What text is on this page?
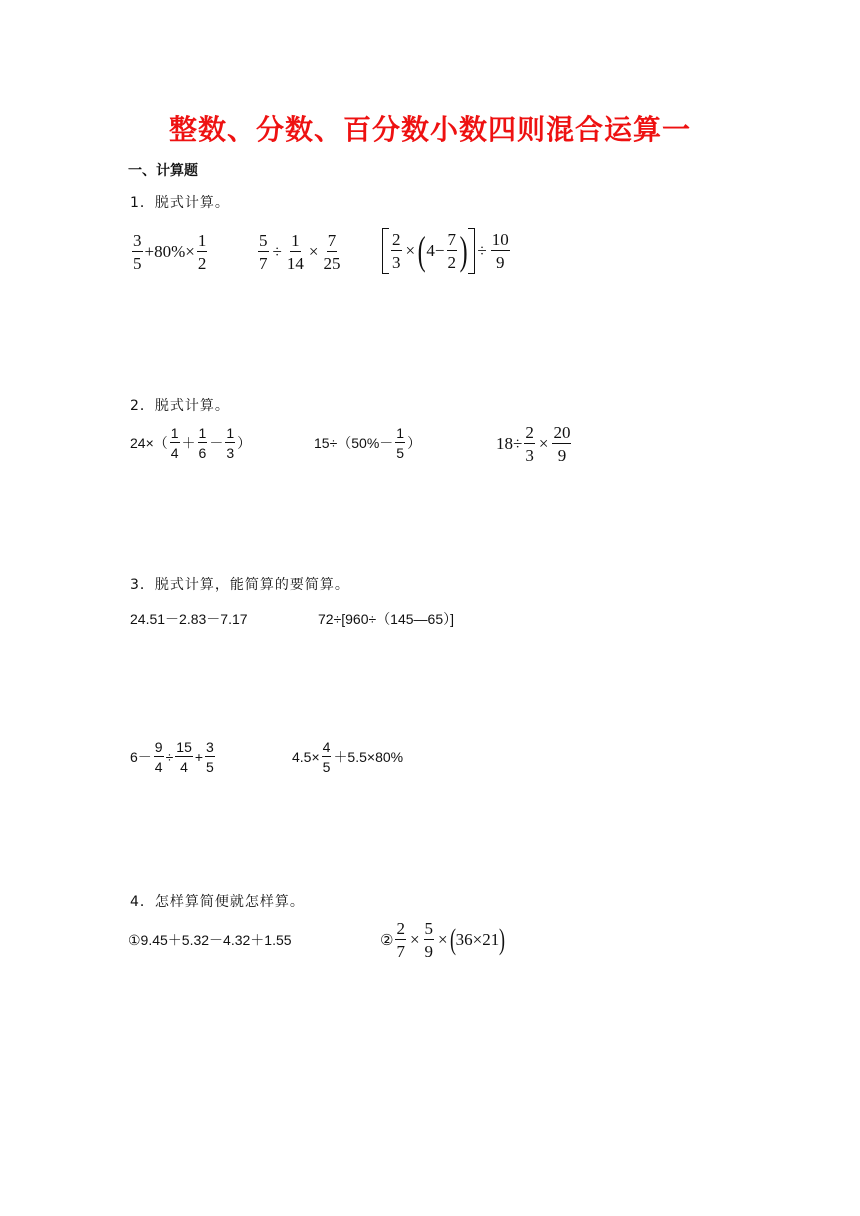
整数、分数、百分数小数四则混合运算一
一、计算题
1．脱式计算。
$\frac{3}{5} +80\%\times \frac{1}{2}$	$\frac{5}{7} \div \frac{1}{14} \times \frac{7}{25}$	$\frac{2}{3}$ × ( $4- \frac{7}{2}$ ) ÷ $\frac{10}{9}$
2．脱式计算。
$24\times( \frac{1}{4} + \frac{1}{6} - \frac{1}{3}$ ）	$15\div(50\%- \frac{1}{5}$ ）	$18\div \frac{2}{3} \times \frac{20}{9}$
3．脱式计算，能简算的要简算。
24.51－2.83－7.17	72÷[960÷（145—65）]
$6- \frac{9}{4} \div \frac{15}{4} + \frac{3}{5}$	$4.5\times \frac{4}{5} +5.5\times 80\%$
4．怎样算简便就怎样算。
①9.45＋5.32－4.32＋1.55	② $\frac{2}{7} \times \frac{5}{9}$ × ( 36×21 )
